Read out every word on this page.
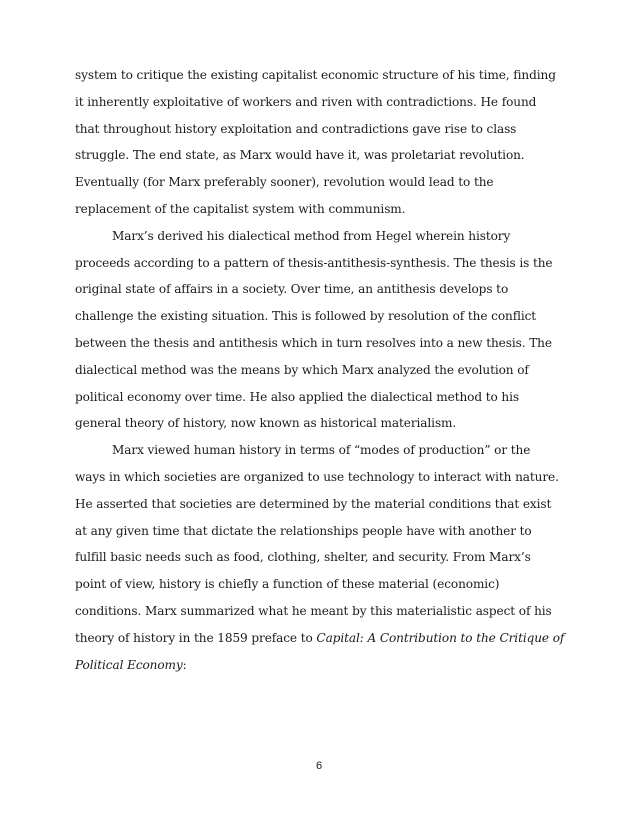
system to critique the existing capitalist economic structure of his time, finding
it inherently exploitative of workers and riven with contradictions. He found
that throughout history exploitation and contradictions gave rise to class
struggle. The end state, as Marx would have it, was proletariat revolution.
Eventually (for Marx preferably sooner), revolution would lead to the
replacement of the capitalist system with communism.
Marx’s derived his dialectical method from Hegel wherein history
proceeds according to a pattern of thesis-antithesis-synthesis. The thesis is the
original state of affairs in a society. Over time, an antithesis develops to
challenge the existing situation. This is followed by resolution of the conflict
between the thesis and antithesis which in turn resolves into a new thesis. The
dialectical method was the means by which Marx analyzed the evolution of
political economy over time. He also applied the dialectical method to his
general theory of history, now known as historical materialism.
Marx viewed human history in terms of “modes of production” or the
ways in which societies are organized to use technology to interact with nature.
He asserted that societies are determined by the material conditions that exist
at any given time that dictate the relationships people have with another to
fulfill basic needs such as food, clothing, shelter, and security. From Marx’s
point of view, history is chiefly a function of these material (economic)
conditions. Marx summarized what he meant by this materialistic aspect of his
theory of history in the 1859 preface to Capital: A Contribution to the Critique of
Political Economy:
6
